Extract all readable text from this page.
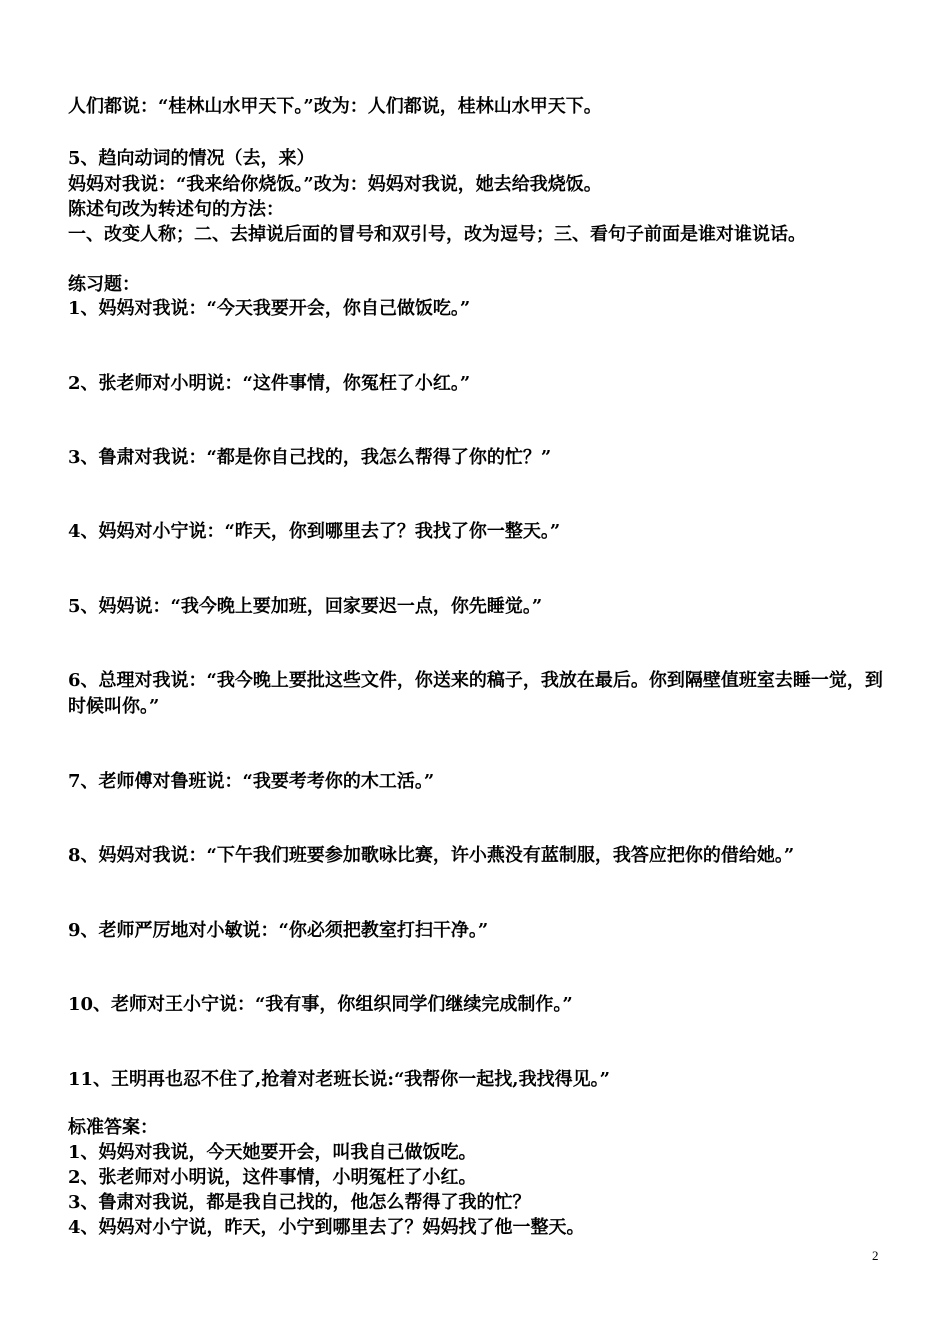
人们都说：“桂林山水甲天下。”改为：人们都说，桂林山水甲天下。
5、趋向动词的情况（去，来）
妈妈对我说：“我来给你烧饭。”改为：妈妈对我说，她去给我烧饭。
陈述句改为转述句的方法：
一、改变人称；二、去掉说后面的冒号和双引号，改为逗号；三、看句子前面是谁对谁说话。
练习题：
1、妈妈对我说：“今天我要开会，你自己做饭吃。”
2、张老师对小明说：“这件事情，你冤枉了小红。”
3、鲁肃对我说：“都是你自己找的，我怎么帮得了你的忙？”
4、妈妈对小宁说：“昨天，你到哪里去了？我找了你一整天。”
5、妈妈说：“我今晚上要加班，回家要迟一点，你先睡觉。”
6、总理对我说：“我今晚上要批这些文件，你送来的稿子，我放在最后。你到隔壁值班室去睡一觉，到时候叫你。”
7、老师傅对鲁班说：“我要考考你的木工活。”
8、妈妈对我说：“下午我们班要参加歌咏比赛，许小燕没有蓝制服，我答应把你的借给她。”
9、老师严厉地对小敏说：“你必须把教室打扫干净。”
10、老师对王小宁说：“我有事，你组织同学们继续完成制作。”
11、王明再也忍不住了,抢着对老班长说:“我帮你一起找,我找得见。”
标准答案：
1、妈妈对我说，今天她要开会，叫我自己做饭吃。
2、张老师对小明说，这件事情，小明冤枉了小红。
3、鲁肃对我说，都是我自己找的，他怎么帮得了我的忙？
4、妈妈对小宁说，昨天，小宁到哪里去了？妈妈找了他一整天。
2
